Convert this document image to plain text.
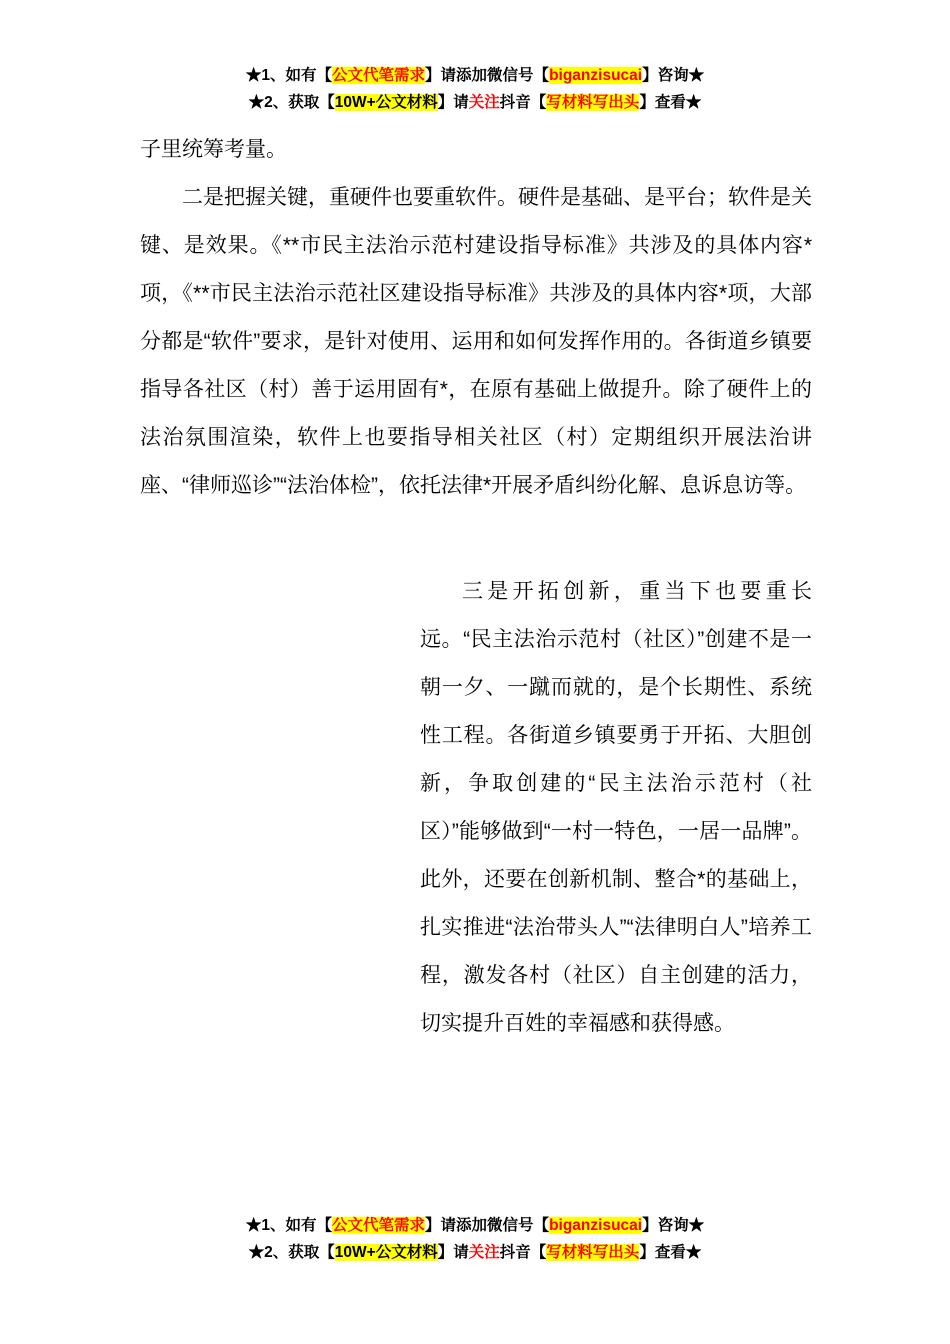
★1、如有【公文代笔需求】请添加微信号【biganzisucai】咨询★
★2、获取【10W+公文材料】请关注抖音【写材料写出头】查看★

子里统筹考量。

二是把握关键，重硬件也要重软件。硬件是基础、是平台；软件是关键、是效果。《**市民主法治示范村建设指导标准》共涉及的具体内容*项，《**市民主法治示范社区建设指导标准》共涉及的具体内容*项，大部分都是“软件”要求，是针对使用、运用和如何发挥作用的。各街道乡镇要指导各社区（村）善于运用固有*，在原有基础上做提升。除了硬件上的法治氛围渲染，软件上也要指导相关社区（村）定期组织开展法治讲座、“律师巡诊”“法治体检”，依托法律*开展矛盾纠纷化解、息诉息访等。

三是开拓创新，重当下也要重长远。“民主法治示范村（社区）”创建不是一朝一夕、一蹴而就的，是个长期性、系统性工程。各街道乡镇要勇于开拓、大胆创新，争取创建的“民主法治示范村（社区）”能够做到“一村一特色，一居一品牌”。此外，还要在创新机制、整合*的基础上，扎实推进“法治带头人”“法律明白人”培养工程，激发各村（社区）自主创建的活力，切实提升百姓的幸福感和获得感。

★1、如有【公文代笔需求】请添加微信号【biganzisucai】咨询★
★2、获取【10W+公文材料】请关注抖音【写材料写出头】查看★
